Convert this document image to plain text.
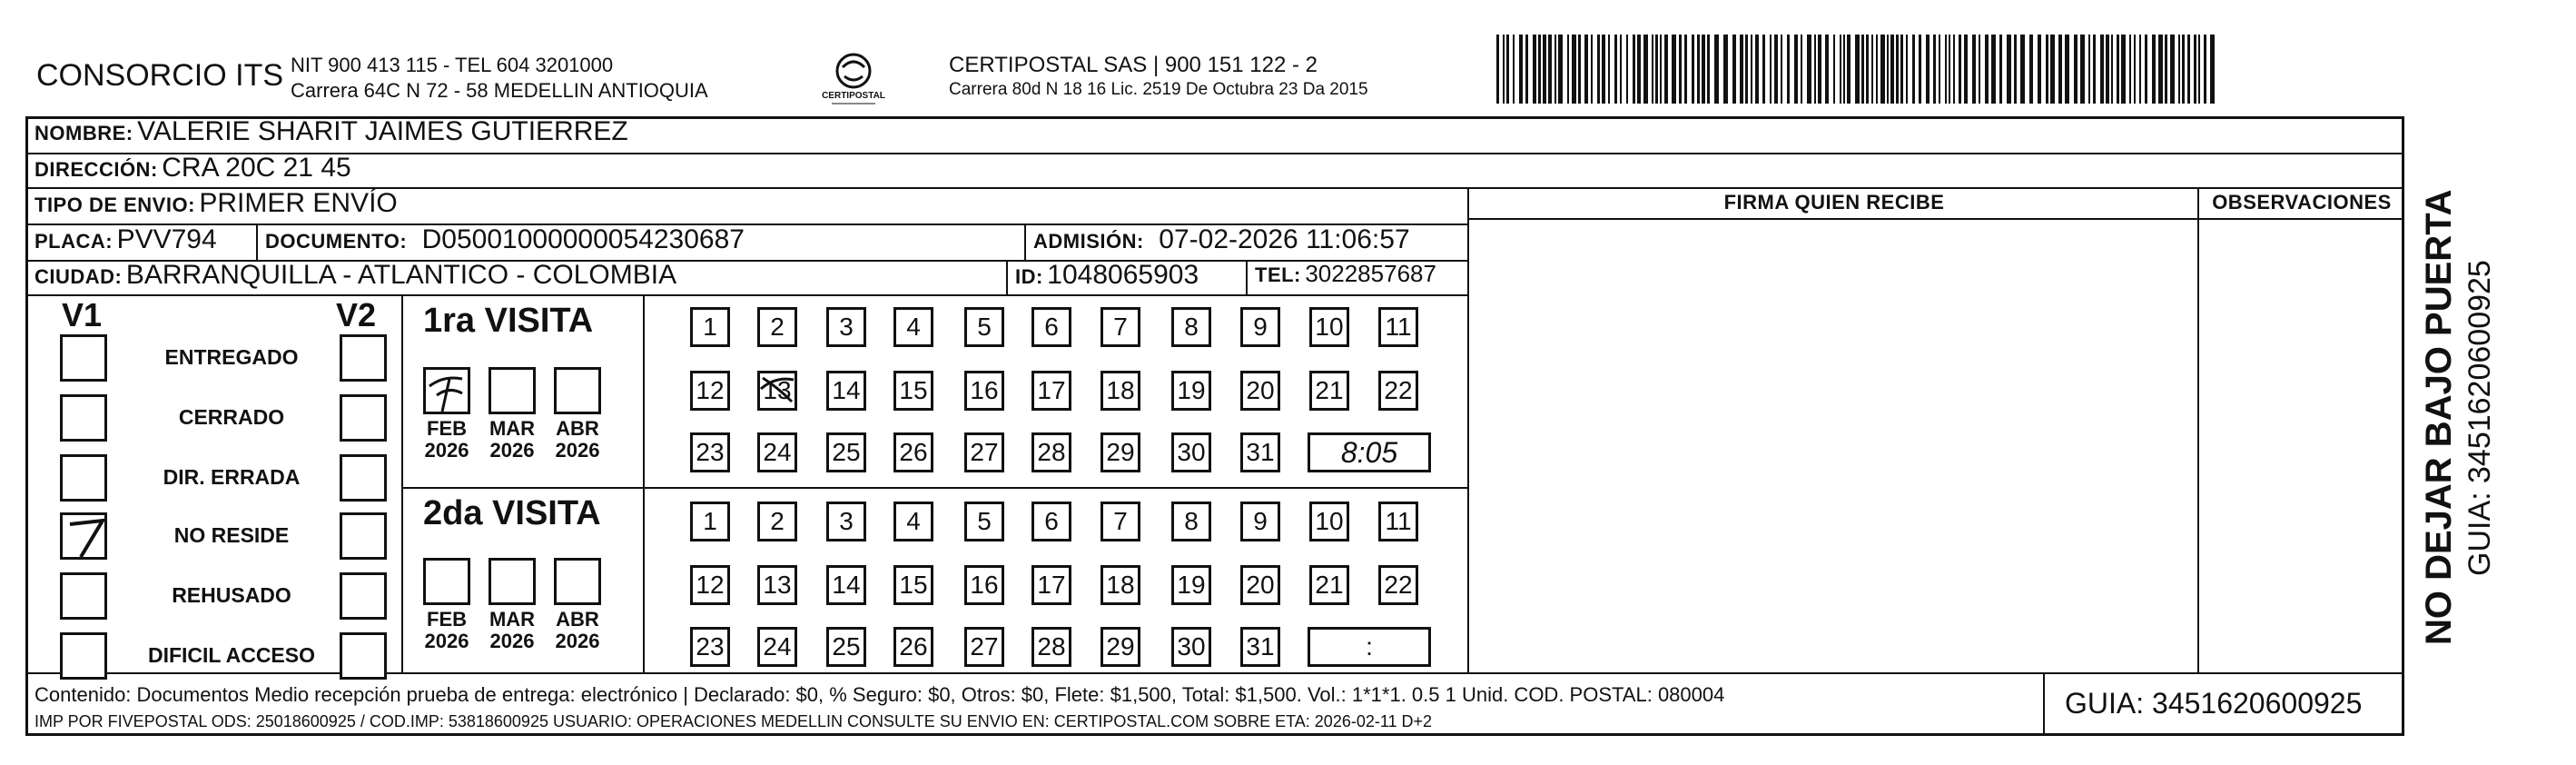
CONSORCIO ITS NIT 900 413 115 - TEL 604 3201000
Carrera 64C N 72 - 58 MEDELLIN ANTIOQUIA	CERTIPOSTAL
CERTIPOSTAL SAS | 900 151 122 - 2
Carrera 80d N 18 16 Lic. 2519 De Octubra 23 Da 2015
NOMBRE: VALERIE SHARIT JAIMES GUTIERREZ
DIRECCIÓN: CRA 20C 21 45
TIPO DE ENVIO: PRIMER ENVÍO	FIRMA QUIEN RECIBE	OBSERVACIONES
PLACA: PVV794 DOCUMENTO: D05001000000054230687	ADMISIÓN: 07-02-2026 11:06:57
CIUDAD: BARRANQUILLA - ATLANTICO - COLOMBIA	ID: 1048065903	TEL: 3022857687
V1	V2
ENTREGADO
CERRADO
DIR. ERRADA
NO RESIDE
REHUSADO
DIFICIL ACCESO
1ra VISITA
FEB
2026
MAR
2026
ABR
2026
1	2	3	4	5	6	7	8	9	10 11
12 13 14 15 16 17 18 19 20 21 22
23 24 25 26 27 28 29 30 31	8:05
2da VISITA
FEB
2026
MAR
2026
ABR
2026
1	2	3	4	5	6	7	8	9	10 11
12 13 14 15 16 17 18 19 20 21 22
23 24 25 26 27 28 29 30 31	:
Contenido: Documentos Medio recepción prueba de entrega: electrónico | Declarado: $0, % Seguro: $0, Otros: $0, Flete: $1,500, Total: $1,500. Vol.: 1*1*1. 0.5 1 Unid. COD. POSTAL: 080004
IMP POR FIVEPOSTAL ODS: 25018600925 / COD.IMP: 53818600925 USUARIO: OPERACIONES MEDELLIN CONSULTE SU ENVIO EN: CERTIPOSTAL.COM SOBRE ETA: 2026-02-11 D+2
GUIA: 3451620600925
NO DEJAR BAJO PUERTA GUIA: 3451620600925
